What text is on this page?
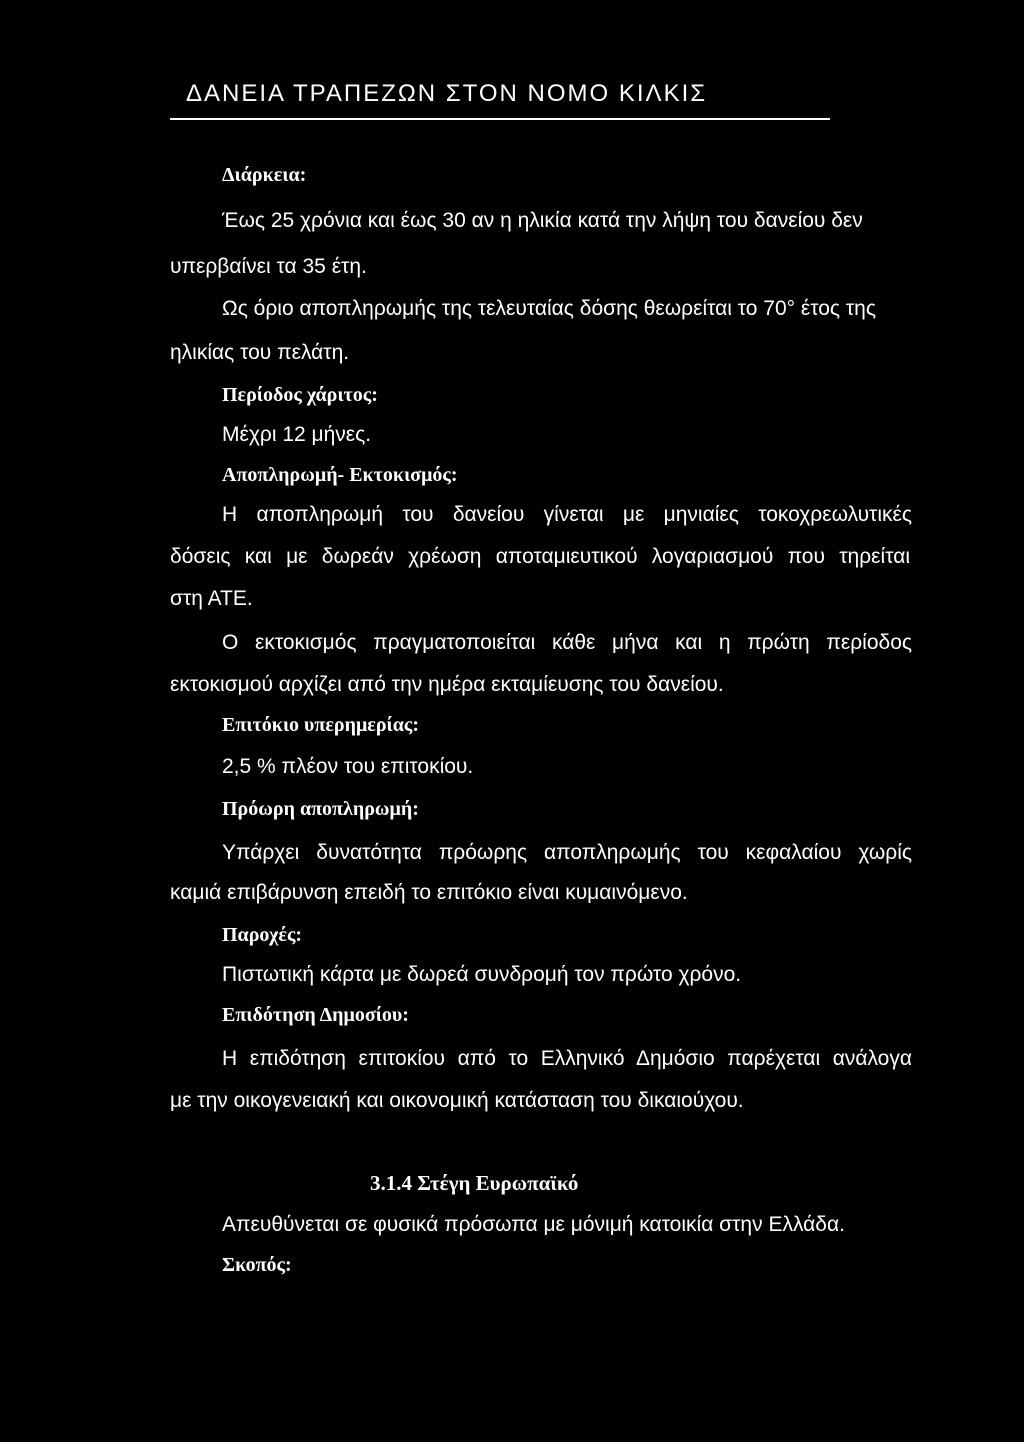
ΔΑΝΕΙΑ ΤΡΑΠΕΖΩΝ ΣΤΟΝ ΝΟΜΟ ΚΙΛΚΙΣ
Διάρκεια:
Έως 25 χρόνια και έως 30 αν η ηλικία κατά την λήψη του δανείου δεν
υπερβαίνει τα 35 έτη.
Ως όριο αποπληρωμής της τελευταίας δόσης θεωρείται το 70° έτος της
ηλικίας του πελάτη.
Περίοδος χάριτος:
Μέχρι 12 μήνες.
Αποπληρωμή- Εκτοκισμός:
Η αποπληρωμή του δανείου γίνεται με μηνιαίες τοκοχρεωλυτικές
δόσεις και με δωρεάν χρέωση αποταμιευτικού λογαριασμού που τηρείται
στη ΑΤΕ.
Ο εκτοκισμός πραγματοποιείται κάθε μήνα και η πρώτη περίοδος
εκτοκισμού αρχίζει από την ημέρα εκταμίευσης του δανείου.
Επιτόκιο υπερημερίας:
2,5 % πλέον του επιτοκίου.
Πρόωρη αποπληρωμή:
Υπάρχει δυνατότητα πρόωρης αποπληρωμής του κεφαλαίου χωρίς
καμιά επιβάρυνση επειδή το επιτόκιο είναι κυμαινόμενο.
Παροχές:
Πιστωτική κάρτα με δωρεά συνδρομή τον πρώτο χρόνο.
Επιδότηση Δημοσίου:
Η επιδότηση επιτοκίου από το Ελληνικό Δημόσιο παρέχεται ανάλογα
με την οικογενειακή και οικονομική κατάσταση του δικαιούχου.
3.1.4 Στέγη Ευρωπαϊκό
Απευθύνεται σε φυσικά πρόσωπα με μόνιμή κατοικία στην Ελλάδα.
Σκοπός:
